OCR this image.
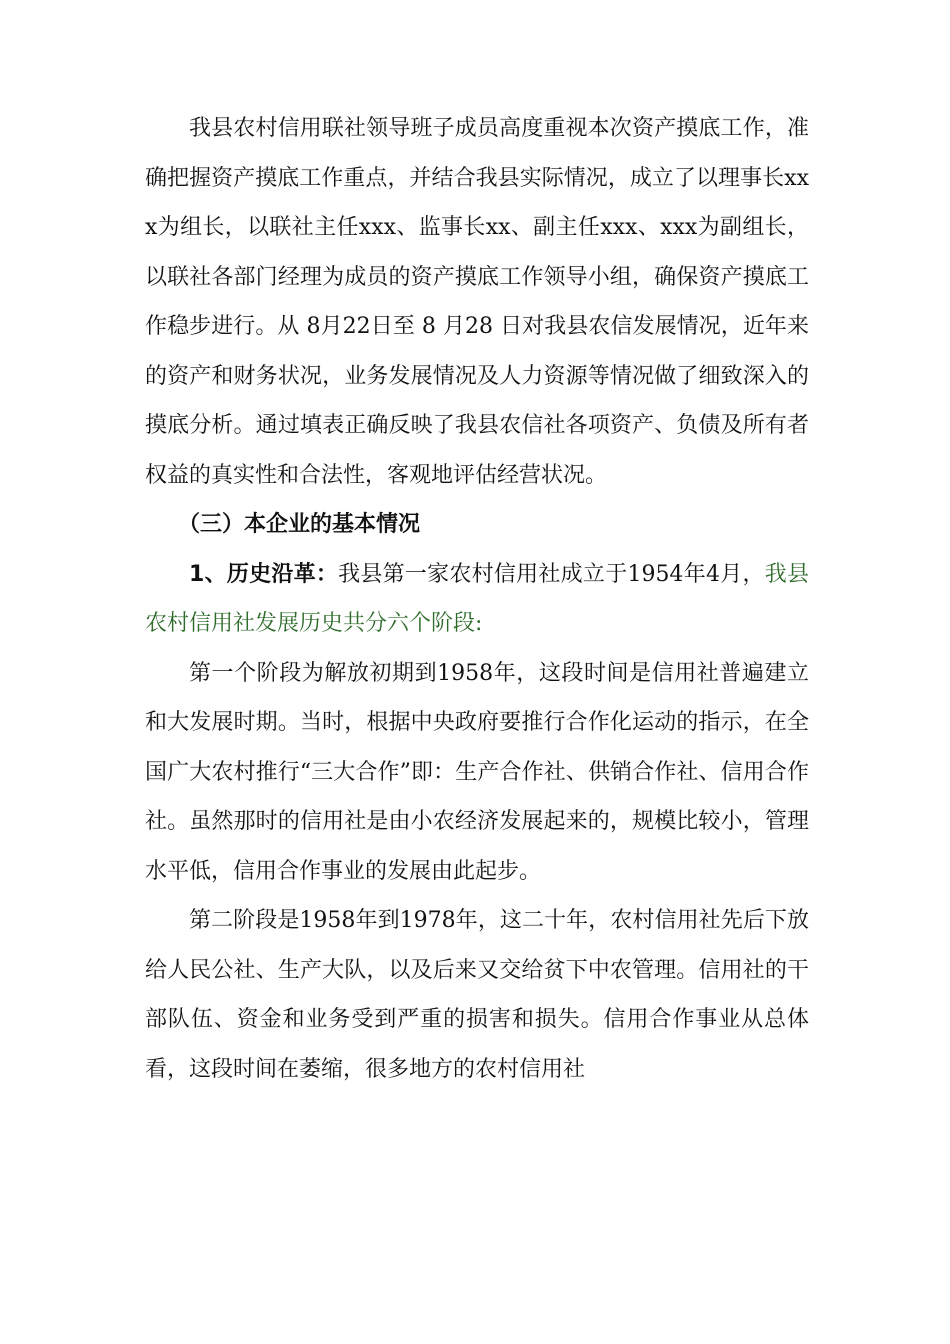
我县农村信用联社领导班子成员高度重视本次资产摸底工作，准确把握资产摸底工作重点，并结合我县实际情况，成立了以理事长xxx为组长，以联社主任xxx、监事长xx、副主任xxx、xxx为副组长，以联社各部门经理为成员的资产摸底工作领导小组，确保资产摸底工作稳步进行。从 8月22日至 8 月28 日对我县农信发展情况，近年来的资产和财务状况，业务发展情况及人力资源等情况做了细致深入的摸底分析。通过填表正确反映了我县农信社各项资产、负债及所有者权益的真实性和合法性，客观地评估经营状况。

（三）本企业的基本情况

1、历史沿革：我县第一家农村信用社成立于1954年4月，我县农村信用社发展历史共分六个阶段:

第一个阶段为解放初期到1958年，这段时间是信用社普遍建立和大发展时期。当时，根据中央政府要推行合作化运动的指示，在全国广大农村推行“三大合作”即：生产合作社、供销合作社、信用合作社。虽然那时的信用社是由小农经济发展起来的，规模比较小，管理水平低，信用合作事业的发展由此起步。

第二阶段是1958年到1978年，这二十年，农村信用社先后下放给人民公社、生产大队，以及后来又交给贫下中农管理。信用社的干部队伍、资金和业务受到严重的损害和损失。信用合作事业从总体看，这段时间在萎缩，很多地方的农村信用社
